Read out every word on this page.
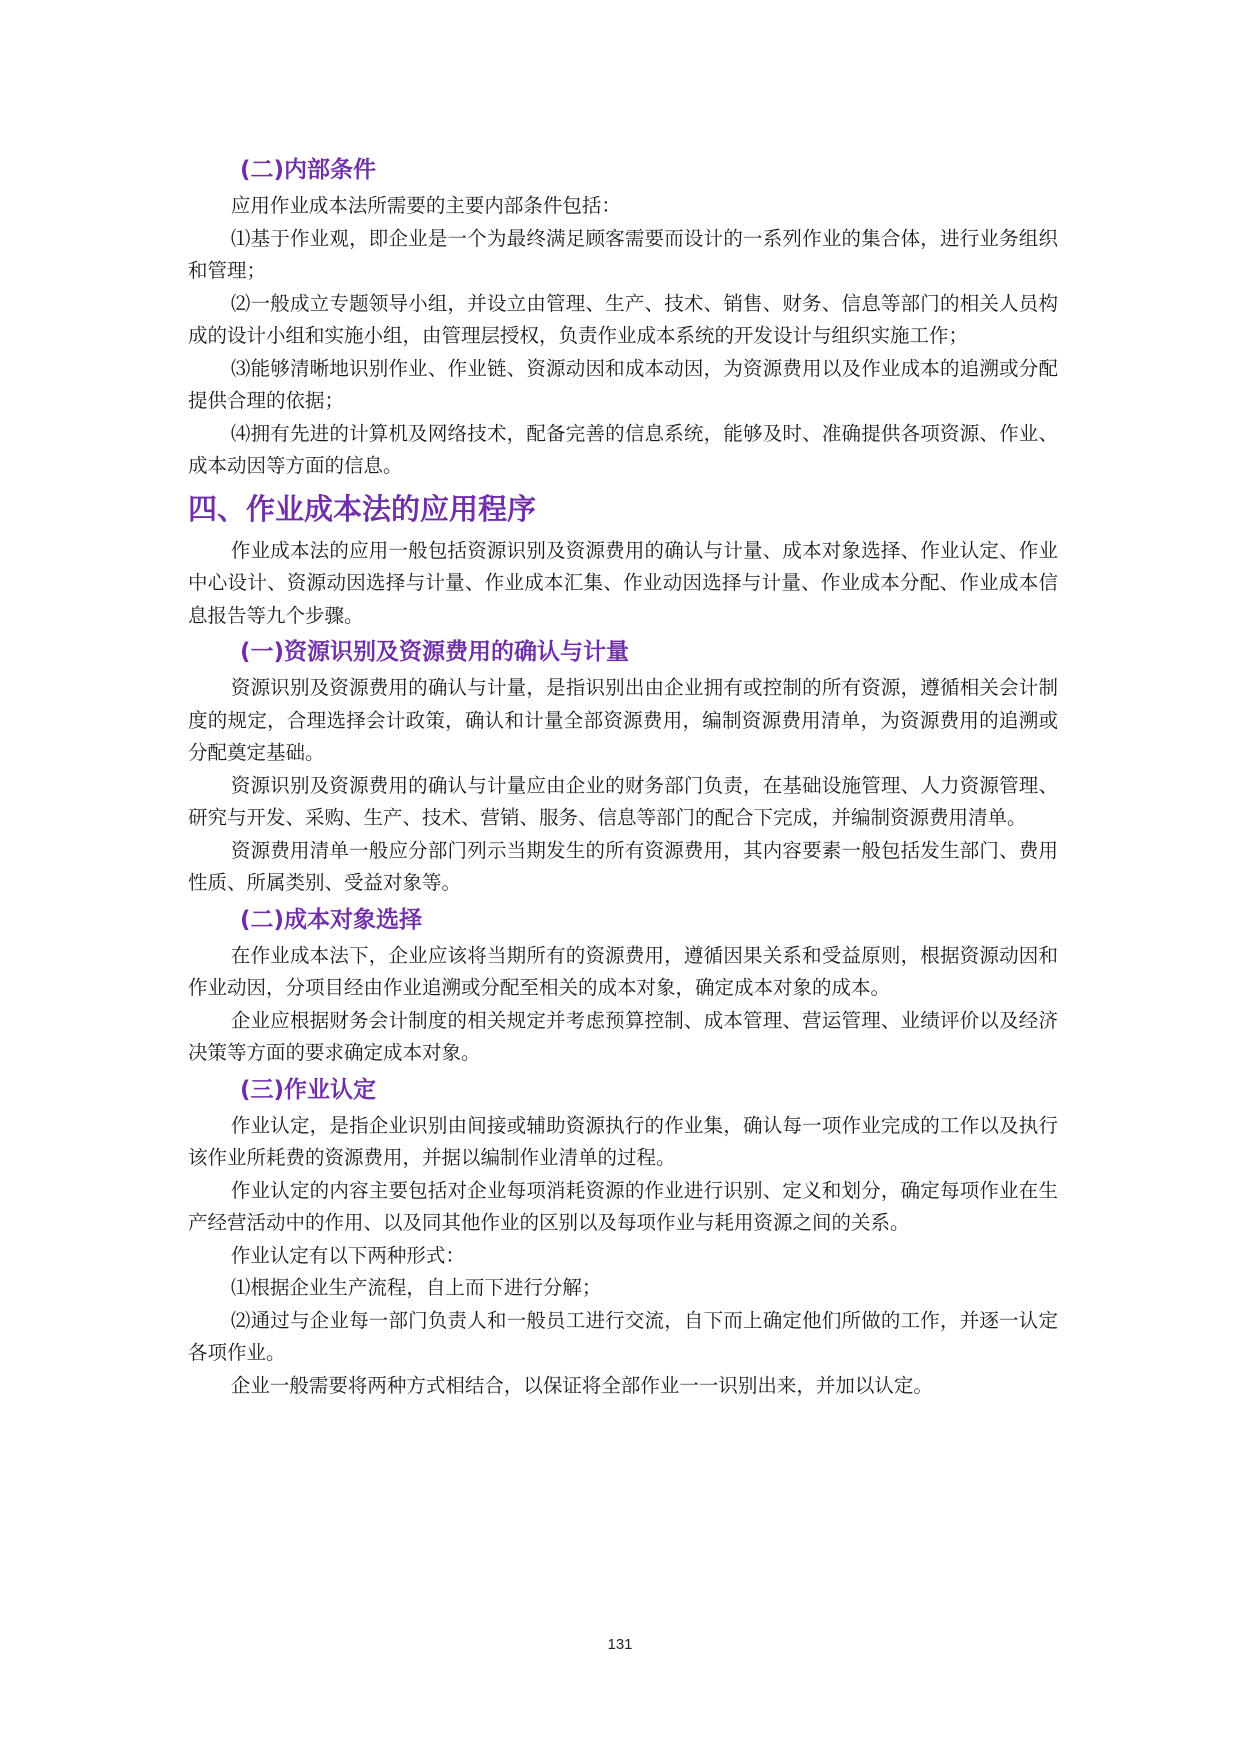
(二)内部条件

应用作业成本法所需要的主要内部条件包括：

⑴基于作业观，即企业是一个为最终满足顾客需要而设计的一系列作业的集合体，进行业务组织和管理；

⑵一般成立专题领导小组，并设立由管理、生产、技术、销售、财务、信息等部门的相关人员构成的设计小组和实施小组，由管理层授权，负责作业成本系统的开发设计与组织实施工作；

⑶能够清晰地识别作业、作业链、资源动因和成本动因，为资源费用以及作业成本的追溯或分配提供合理的依据；

⑷拥有先进的计算机及网络技术，配备完善的信息系统，能够及时、准确提供各项资源、作业、成本动因等方面的信息。

四、作业成本法的应用程序

作业成本法的应用一般包括资源识别及资源费用的确认与计量、成本对象选择、作业认定、作业中心设计、资源动因选择与计量、作业成本汇集、作业动因选择与计量、作业成本分配、作业成本信息报告等九个步骤。

(一)资源识别及资源费用的确认与计量

资源识别及资源费用的确认与计量，是指识别出由企业拥有或控制的所有资源，遵循相关会计制度的规定，合理选择会计政策，确认和计量全部资源费用，编制资源费用清单，为资源费用的追溯或分配奠定基础。

资源识别及资源费用的确认与计量应由企业的财务部门负责，在基础设施管理、人力资源管理、研究与开发、采购、生产、技术、营销、服务、信息等部门的配合下完成，并编制资源费用清单。

资源费用清单一般应分部门列示当期发生的所有资源费用，其内容要素一般包括发生部门、费用性质、所属类别、受益对象等。

(二)成本对象选择

在作业成本法下，企业应该将当期所有的资源费用，遵循因果关系和受益原则，根据资源动因和作业动因，分项目经由作业追溯或分配至相关的成本对象，确定成本对象的成本。

企业应根据财务会计制度的相关规定并考虑预算控制、成本管理、营运管理、业绩评价以及经济决策等方面的要求确定成本对象。

(三)作业认定

作业认定，是指企业识别由间接或辅助资源执行的作业集，确认每一项作业完成的工作以及执行该作业所耗费的资源费用，并据以编制作业清单的过程。

作业认定的内容主要包括对企业每项消耗资源的作业进行识别、定义和划分，确定每项作业在生产经营活动中的作用、以及同其他作业的区别以及每项作业与耗用资源之间的关系。

作业认定有以下两种形式：

⑴根据企业生产流程，自上而下进行分解；

⑵通过与企业每一部门负责人和一般员工进行交流，自下而上确定他们所做的工作，并逐一认定各项作业。

企业一般需要将两种方式相结合，以保证将全部作业一一识别出来，并加以认定。

131
